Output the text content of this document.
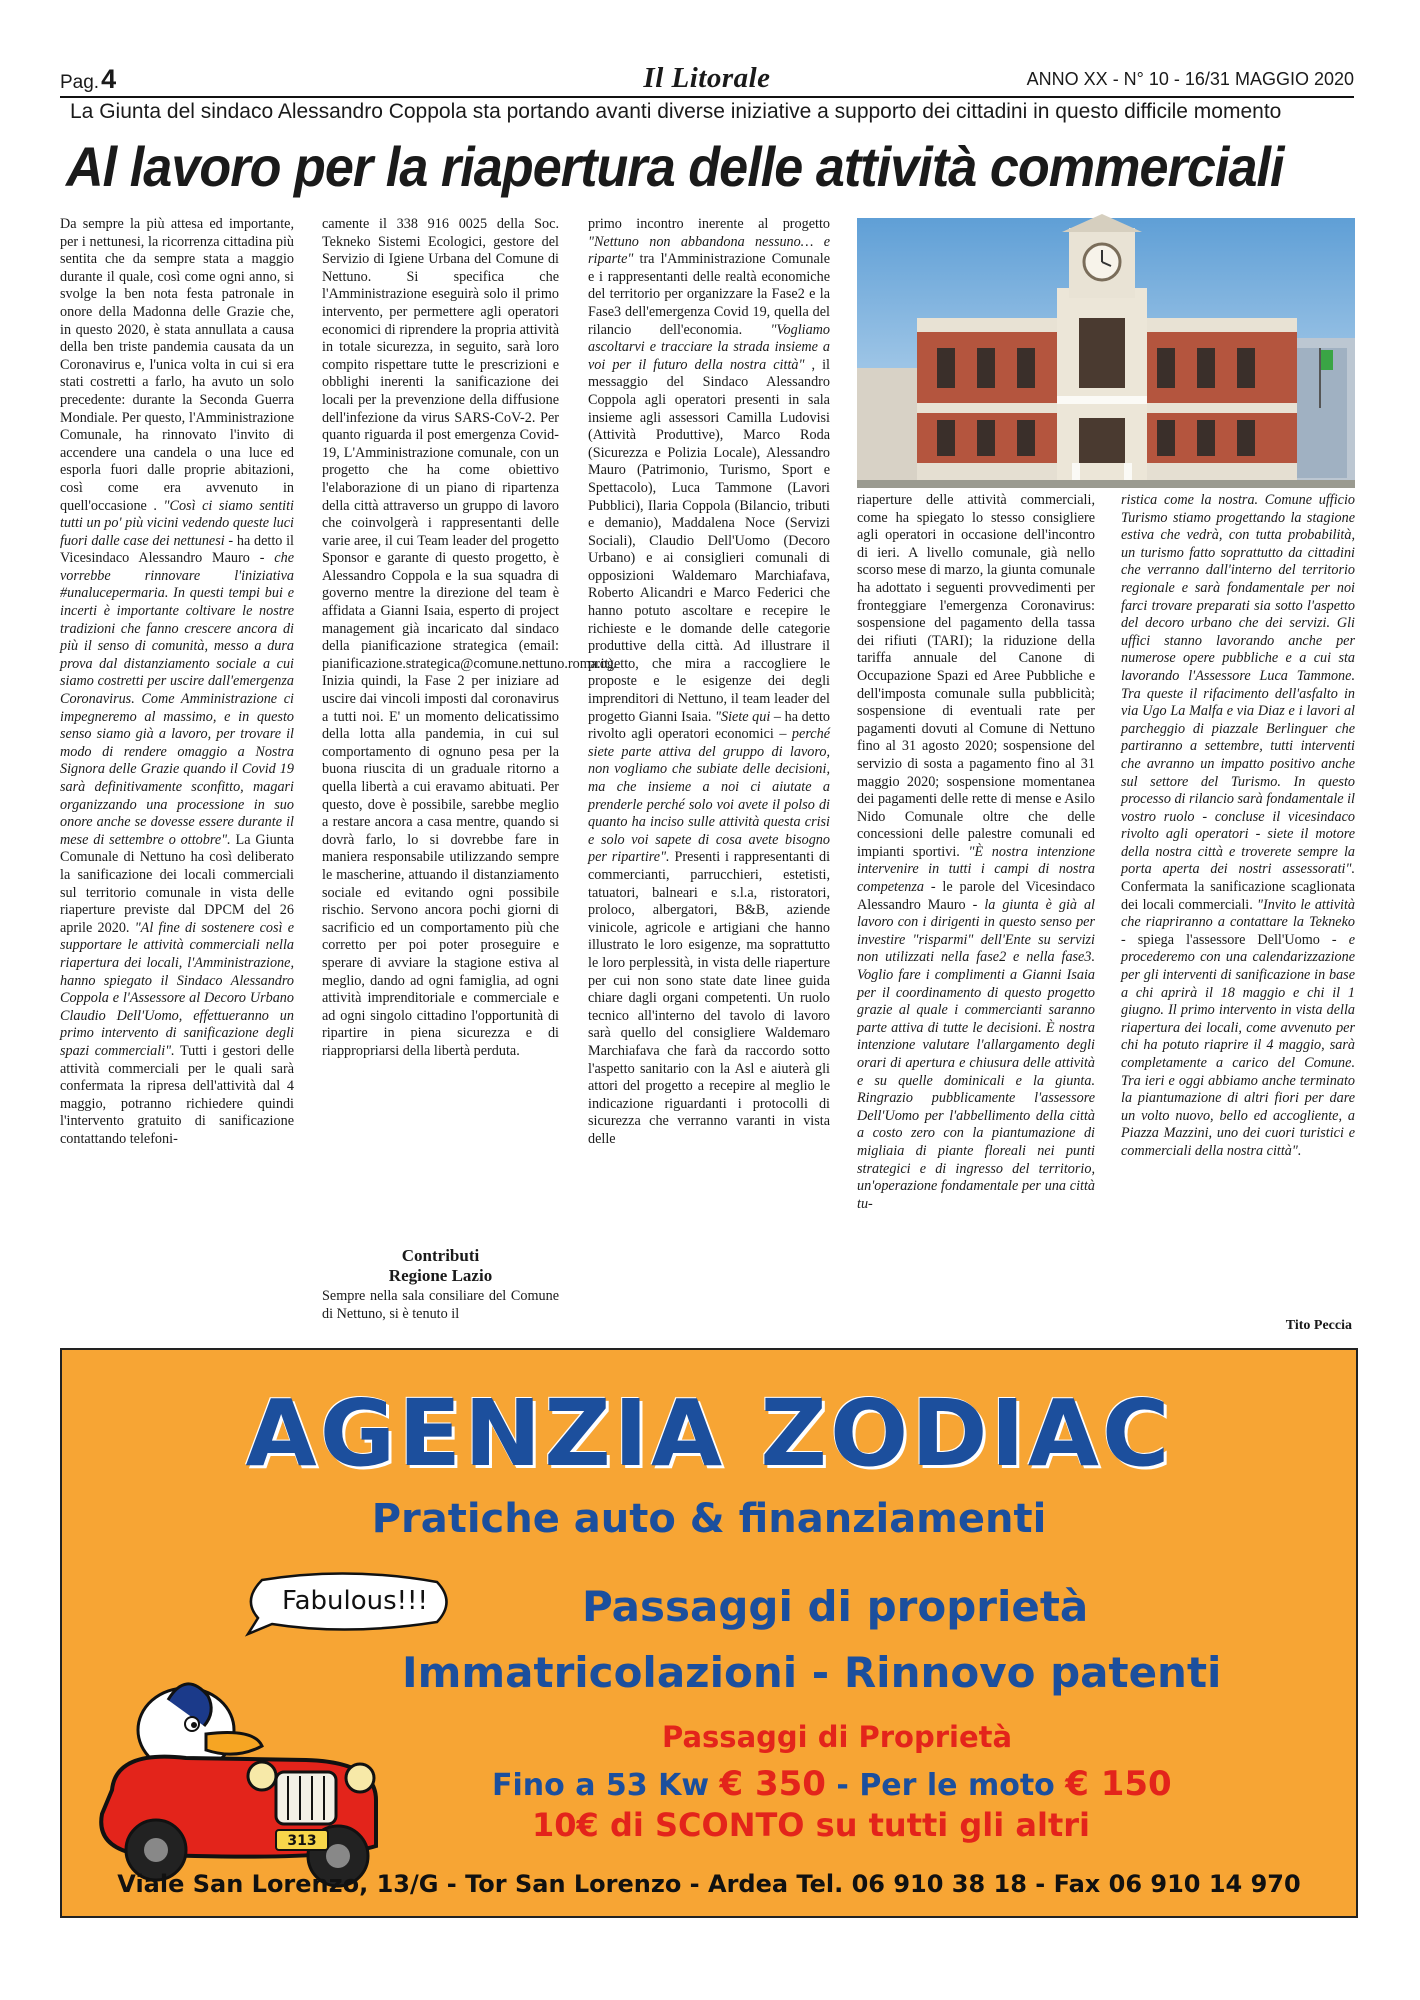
Pag.4	Il Litorale	ANNO XX - N° 10 - 16/31 MAGGIO 2020
La Giunta del sindaco Alessandro Coppola sta portando avanti diverse iniziative a supporto dei cittadini in questo difficile momento
Al lavoro per la riapertura delle attività commerciali
Da sempre la più attesa ed importante, per i nettunesi, la ricorrenza cittadina più sentita che da sempre stata a maggio durante il quale, così come ogni anno, si svolge la ben nota festa patronale in onore della Madonna delle Grazie che, in questo 2020, è stata annullata a causa della ben triste pandemia causata da un Coronavirus e, l'unica volta in cui si era stati costretti a farlo, ha avuto un solo precedente: durante la Seconda Guerra Mondiale. Per questo, l'Amministrazione Comunale, ha rinnovato l'invito di accendere una candela o una luce ed esporla fuori dalle proprie abitazioni, così come era avvenuto in quell'occasione . "Così ci siamo sentiti tutti un po' più vicini vedendo queste luci fuori dalle case dei nettunesi - ha detto il Vicesindaco Alessandro Mauro - che vorrebbe rinnovare l'iniziativa #unalucepermaria. In questi tempi bui e incerti è importante coltivare le nostre tradizioni che fanno crescere ancora di più il senso di comunità, messo a dura prova dal distanziamento sociale a cui siamo costretti per uscire dall'emergenza Coronavirus. Come Amministrazione ci impegneremo al massimo, e in questo senso siamo già a lavoro, per trovare il modo di rendere omaggio a Nostra Signora delle Grazie quando il Covid 19 sarà definitivamente sconfitto, magari organizzando una processione in suo onore anche se dovesse essere durante il mese di settembre o ottobre". La Giunta Comunale di Nettuno ha così deliberato la sanificazione dei locali commerciali sul territorio comunale in vista delle riaperture previste dal DPCM del 26 aprile 2020. "Al fine di sostenere così e supportare le attività commerciali nella riapertura dei locali, l'Amministrazione, hanno spiegato il Sindaco Alessandro Coppola e l'Assessore al Decoro Urbano Claudio Dell'Uomo, effettueranno un primo intervento di sanificazione degli spazi commerciali". Tutti i gestori delle attività commerciali per le quali sarà confermata la ripresa dell'attività dal 4 maggio, potranno richiedere quindi l'intervento gratuito di sanificazione contattando telefoni-

camente il 338 916 0025 della Soc. Tekneko Sistemi Ecologici, gestore del Servizio di Igiene Urbana del Comune di Nettuno. Si specifica che l'Amministrazione eseguirà solo il primo intervento, per permettere agli operatori economici di riprendere la propria attività in totale sicurezza, in seguito, sarà loro compito rispettare tutte le prescrizioni e obblighi inerenti la sanificazione dei locali per la prevenzione della diffusione dell'infezione da virus SARS-CoV-2. Per quanto riguarda il post emergenza Covid-19, L'Amministrazione comunale, con un progetto che ha come obiettivo l'elaborazione di un piano di ripartenza della città attraverso un gruppo di lavoro che coinvolgerà i rappresentanti delle varie aree, il cui Team leader del progetto Sponsor e garante di questo progetto, è Alessandro Coppola e la sua squadra di governo mentre la direzione del team è affidata a Gianni Isaia, esperto di project management già incaricato dal sindaco della pianificazione strategica (email: pianificazione.strategica@comune.nettuno.roma.it). Inizia quindi, la Fase 2 per iniziare ad uscire dai vincoli imposti dal coronavirus a tutti noi. E' un momento delicatissimo della lotta alla pandemia, in cui sul comportamento di ognuno pesa per la buona riuscita di un graduale ritorno a quella libertà a cui eravamo abituati. Per questo, dove è possibile, sarebbe meglio a restare ancora a casa mentre, quando si dovrà farlo, lo si dovrebbe fare in maniera responsabile utilizzando sempre le mascherine, attuando il distanziamento sociale ed evitando ogni possibile rischio. Servono ancora pochi giorni di sacrificio ed un comportamento più che corretto per poi poter proseguire e sperare di avviare la stagione estiva al meglio, dando ad ogni famiglia, ad ogni attività imprenditoriale e commerciale e ad ogni singolo cittadino l'opportunità di ripartire in piena sicurezza e di riappropriarsi della libertà perduta.

Contributi
Regione Lazio
Sempre nella sala consiliare del Comune di Nettuno, si è tenuto il
primo incontro inerente al progetto "Nettuno non abbandona nessuno… e riparte" tra l'Amministrazione Comunale e i rappresentanti delle realtà economiche del territorio per organizzare la Fase2 e la Fase3 dell'emergenza Covid 19, quella del rilancio dell'economia. "Vogliamo ascoltarvi e tracciare la strada insieme a voi per il futuro della nostra città" , il messaggio del Sindaco Alessandro Coppola agli operatori presenti in sala insieme agli assessori Camilla Ludovisi (Attività Produttive), Marco Roda (Sicurezza e Polizia Locale), Alessandro Mauro (Patrimonio, Turismo, Sport e Spettacolo), Luca Tammone (Lavori Pubblici), Ilaria Coppola (Bilancio, tributi e demanio), Maddalena Noce (Servizi Sociali), Claudio Dell'Uomo (Decoro Urbano) e ai consiglieri comunali di opposizioni Waldemaro Marchiafava, Roberto Alicandri e Marco Federici che hanno potuto ascoltare e recepire le richieste e le domande delle categorie produttive della città. Ad illustrare il progetto, che mira a raccogliere le proposte e le esigenze dei degli imprenditori di Nettuno, il team leader del progetto Gianni Isaia. "Siete qui – ha detto rivolto agli operatori economici – perché siete parte attiva del gruppo di lavoro, non vogliamo che subiate delle decisioni, ma che insieme a noi ci aiutate a prenderle perché solo voi avete il polso di quanto ha inciso sulle attività questa crisi e solo voi sapete di cosa avete bisogno per ripartire". Presenti i rappresentanti di commercianti, parrucchieri, estetisti, tatuatori, balneari e s.l.a, ristoratori, proloco, albergatori, B&B, aziende vinicole, agricole e artigiani che hanno illustrato le loro esigenze, ma soprattutto le loro perplessità, in vista delle riaperture per cui non sono state date linee guida chiare dagli organi competenti. Un ruolo tecnico all'interno del tavolo di lavoro sarà quello del consigliere Waldemaro Marchiafava che farà da raccordo sotto l'aspetto sanitario con la Asl e aiuterà gli attori del progetto a recepire al meglio le indicazione riguardanti i protocolli di sicurezza che verranno varanti in vista delle
riaperture delle attività commerciali, come ha spiegato lo stesso consigliere agli operatori in occasione dell'incontro di ieri. A livello comunale, già nello scorso mese di marzo, la giunta comunale ha adottato i seguenti provvedimenti per fronteggiare l'emergenza Coronavirus: sospensione del pagamento della tassa dei rifiuti (TARI); la riduzione della tariffa annuale del Canone di Occupazione Spazi ed Aree Pubbliche e dell'imposta comunale sulla pubblicità; sospensione di eventuali rate per pagamenti dovuti al Comune di Nettuno fino al 31 agosto 2020; sospensione del servizio di sosta a pagamento fino al 31 maggio 2020; sospensione momentanea dei pagamenti delle rette di mense e Asilo Nido Comunale oltre che delle concessioni delle palestre comunali ed impianti sportivi. "È nostra intenzione intervenire in tutti i campi di nostra competenza - le parole del Vicesindaco Alessandro Mauro - la giunta è già al lavoro con i dirigenti in questo senso per investire "risparmi" dell'Ente su servizi non utilizzati nella fase2 e nella fase3. Voglio fare i complimenti a Gianni Isaia per il coordinamento di questo progetto grazie al quale i commercianti saranno parte attiva di tutte le decisioni. È nostra intenzione valutare l'allargamento degli orari di apertura e chiusura delle attività e su quelle dominicali e la giunta. Ringrazio pubblicamente l'assessore Dell'Uomo per l'abbellimento della città a costo zero con la piantumazione di migliaia di piante floreali nei punti strategici e di ingresso del territorio, un'operazione fondamentale per una città tu-
ristica come la nostra. Comune ufficio Turismo stiamo progettando la stagione estiva che vedrà, con tutta probabilità, un turismo fatto soprattutto da cittadini che verranno dall'interno del territorio regionale e sarà fondamentale per noi farci trovare preparati sia sotto l'aspetto del decoro urbano che dei servizi. Gli uffici stanno lavorando anche per numerose opere pubbliche e a cui sta lavorando l'Assessore Luca Tammone. Tra queste il rifacimento dell'asfalto in via Ugo La Malfa e via Diaz e i lavori al parcheggio di piazzale Berlinguer che partiranno a settembre, tutti interventi che avranno un impatto positivo anche sul settore del Turismo. In questo processo di rilancio sarà fondamentale il vostro ruolo - concluse il vicesindaco rivolto agli operatori - siete il motore della nostra città e troverete sempre la porta aperta dei nostri assessorati". Confermata la sanificazione scaglionata dei locali commerciali. "Invito le attività che riapriranno a contattare la Tekneko - spiega l'assessore Dell'Uomo - e procederemo con una calendarizzazione per gli interventi di sanificazione in base a chi aprirà il 18 maggio e chi il 1 giugno. Il primo intervento in vista della riapertura dei locali, come avvenuto per chi ha potuto riaprire il 4 maggio, sarà completamente a carico del Comune. Tra ieri e oggi abbiamo anche terminato la piantumazione di altri fiori per dare un volto nuovo, bello ed accogliente, a Piazza Mazzini, uno dei cuori turistici e commerciali della nostra città".
Tito Peccia
AGENZIA ZODIAC
Pratiche auto & finanziamenti
Fabulous!!!
313
Passaggi di proprietà
Immatricolazioni - Rinnovo patenti
Passaggi di Proprietà
Fino a 53 Kw € 350 - Per le moto € 150
10€ di SCONTO su tutti gli altri
Viale San Lorenzo, 13/G - Tor San Lorenzo - Ardea Tel. 06 910 38 18 - Fax 06 910 14 970
